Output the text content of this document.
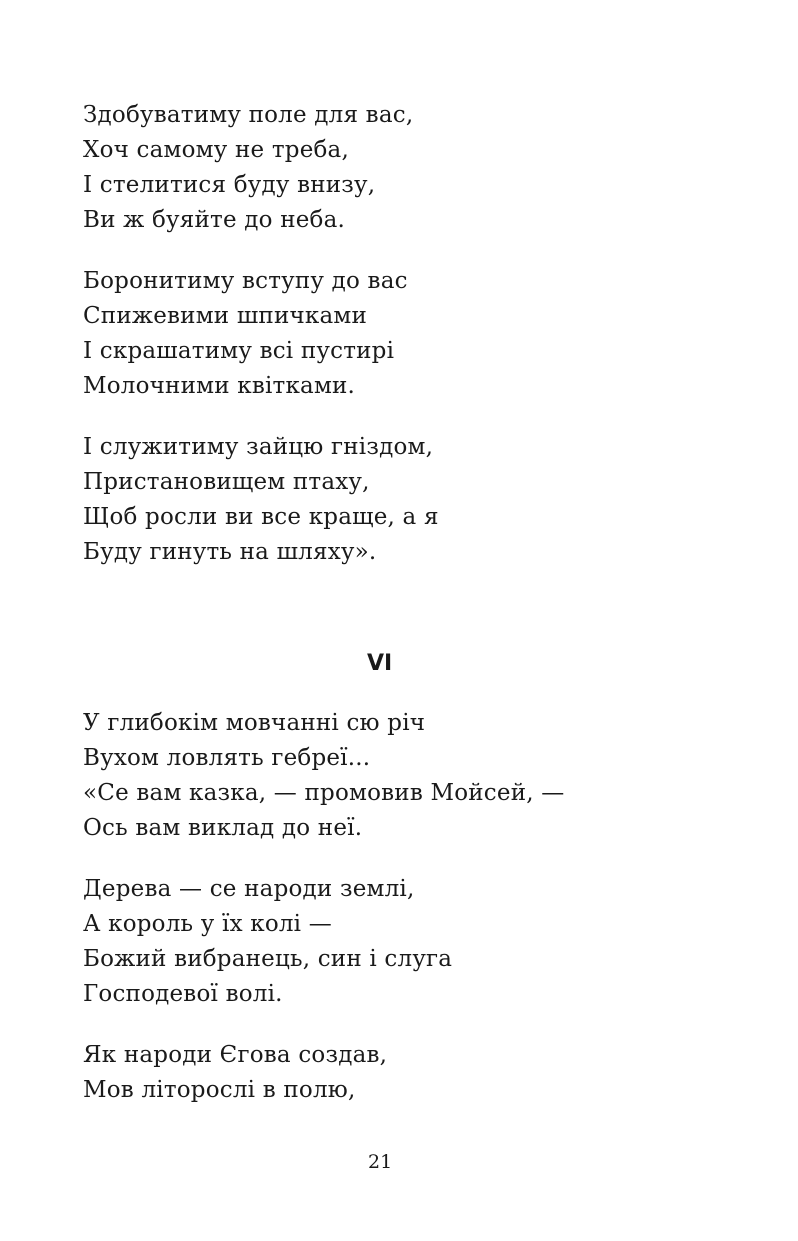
Здобуватиму поле для вас,
Хоч самому не треба,
І стелитися буду внизу,
Ви ж буяйте до неба.
Боронитиму вступу до вас
Спижевими шпичками
І скрашатиму всі пустирі
Молочними квітками.
І служитиму зайцю гніздом,
Пристановищем птаху,
Щоб росли ви все краще, а я
Буду гинуть на шляху».
VI
У глибокім мовчанні сю річ
Вухом ловлять гебреї...
«Се вам казка, — промовив Мойсей, —
Ось вам виклад до неї.
Дерева — се народи землі,
А король у їх колі —
Божий вибранець, син і слуга
Господевої волі.
Як народи Єгова создав,
Мов літорослі в полю,
21
